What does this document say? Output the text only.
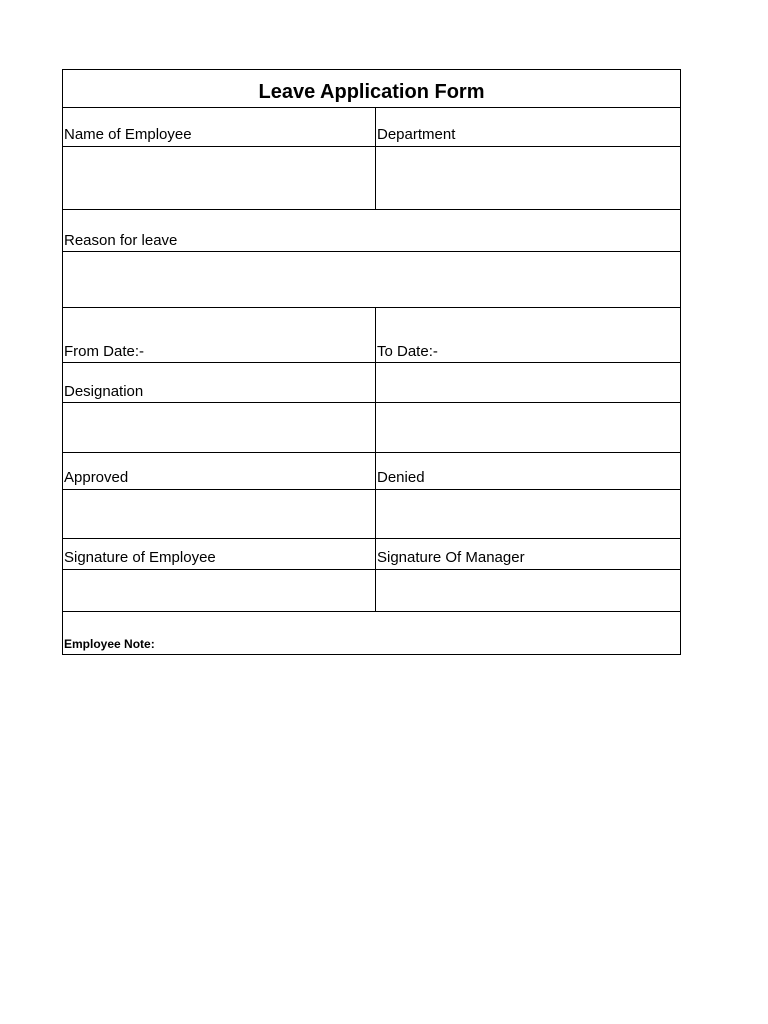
Leave Application Form
Name of Employee	Department
Reason for leave
From Date:-	To Date:-
Designation
Approved	Denied
Signature of Employee	Signature Of Manager
Employee Note:
